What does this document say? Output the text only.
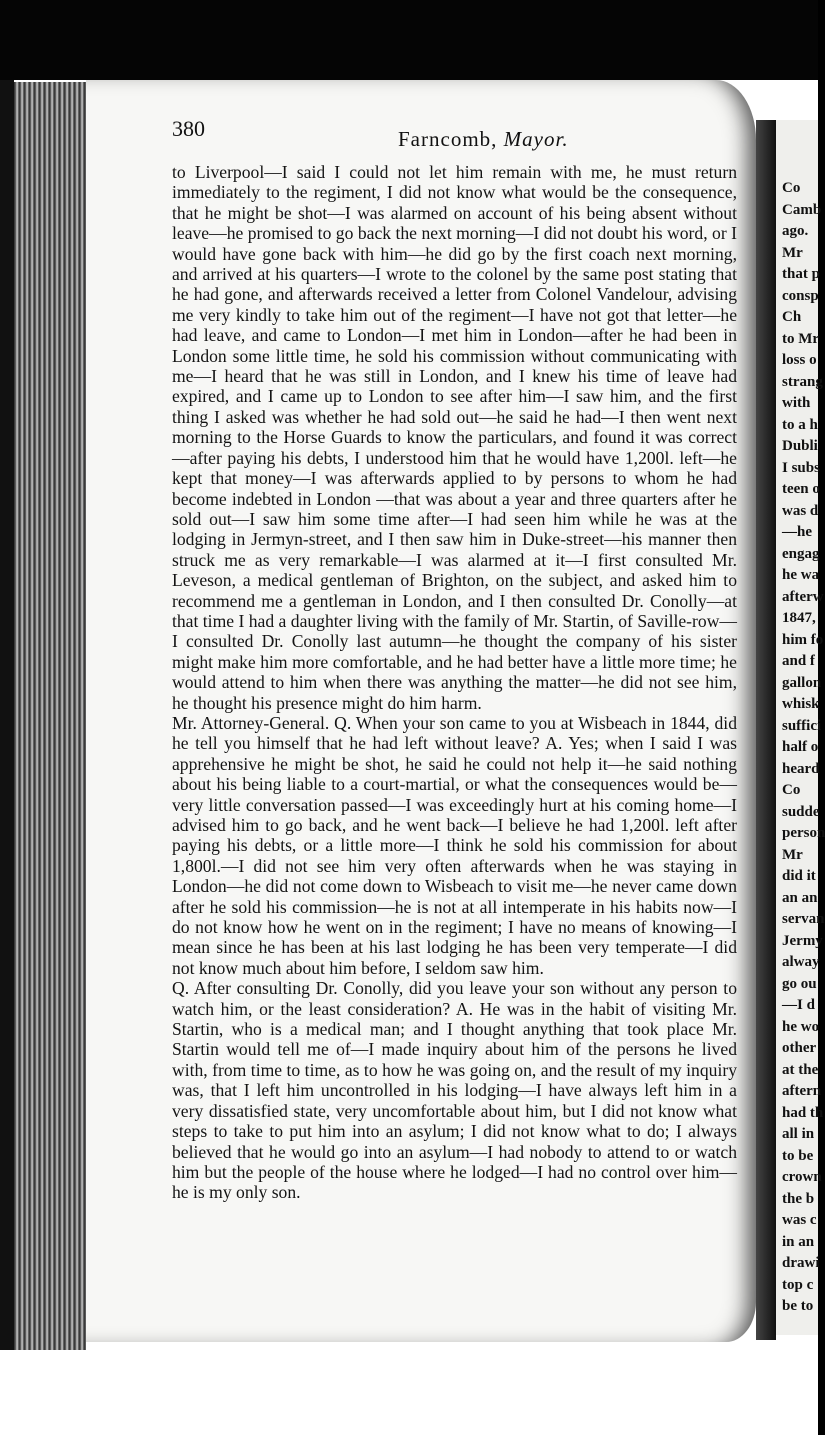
Co
Camb
ago.
Mr
that p
consp
Ch
to Mr
loss o
strang
with
to a h
Dubli
I subs
teen o
was d
—he
engag
he wa
afterw
1847,
him fo
and f
gallon
whisk
suffici
half o
heard
Co
sudde
person
Mr
did it
an an
servan
Jermy
alway
go ou
—I d
he wo
other
at the
aftern
had th
all in
to be
crown
the b
was c
in an
drawi
top c
be to
380	Farncomb, Mayor.

to Liverpool—I said I could not let him remain with me, he must return immediately to the regiment, I did not know what would be the consequence, that he might be shot—I was alarmed on account of his being absent without leave—he promised to go back the next morning—I did not doubt his word, or I would have gone back with him—he did go by the first coach next morning, and arrived at his quarters—I wrote to the colonel by the same post stating that he had gone, and afterwards received a letter from Colonel Vandelour, advising me very kindly to take him out of the regiment—I have not got that letter—he had leave, and came to London—I met him in London—after he had been in London some little time, he sold his commission without communicating with me—I heard that he was still in London, and I knew his time of leave had expired, and I came up to London to see after him—I saw him, and the first thing I asked was whether he had sold out—he said he had—I then went next morning to the Horse Guards to know the particulars, and found it was correct—after paying his debts, I understood him that he would have 1,200l. left—he kept that money—I was afterwards applied to by persons to whom he had become indebted in London —that was about a year and three quarters after he sold out—I saw him some time after—I had seen him while he was at the lodging in Jermyn-street, and I then saw him in Duke-street—his manner then struck me as very remarkable—I was alarmed at it—I first consulted Mr. Leveson, a medical gentleman of Brighton, on the subject, and asked him to recommend me a gentleman in London, and I then consulted Dr. Conolly—at that time I had a daughter living with the family of Mr. Startin, of Saville-row—I consulted Dr. Conolly last autumn—he thought the company of his sister might make him more comfortable, and he had better have a little more time; he would attend to him when there was anything the matter—he did not see him, he thought his presence might do him harm.

Mr. Attorney-General. Q. When your son came to you at Wisbeach in 1844, did he tell you himself that he had left without leave? A. Yes; when I said I was apprehensive he might be shot, he said he could not help it—he said nothing about his being liable to a court-martial, or what the consequences would be—very little conversation passed—I was exceedingly hurt at his coming home—I advised him to go back, and he went back—I believe he had 1,200l. left after paying his debts, or a little more—I think he sold his commission for about 1,800l.—I did not see him very often afterwards when he was staying in London—he did not come down to Wisbeach to visit me—he never came down after he sold his commission—he is not at all intemperate in his habits now—I do not know how he went on in the regiment; I have no means of knowing—I mean since he has been at his last lodging he has been very temperate—I did not know much about him before, I seldom saw him.

Q. After consulting Dr. Conolly, did you leave your son without any person to watch him, or the least consideration? A. He was in the habit of visiting Mr. Startin, who is a medical man; and I thought anything that took place Mr. Startin would tell me of—I made inquiry about him of the persons he lived with, from time to time, as to how he was going on, and the result of my inquiry was, that I left him uncontrolled in his lodging—I have always left him in a very dissatisfied state, very uncomfortable about him, but I did not know what steps to take to put him into an asylum; I did not know what to do; I always believed that he would go into an asylum—I had nobody to attend to or watch him but the people of the house where he lodged—I had no control over him—he is my only son.
